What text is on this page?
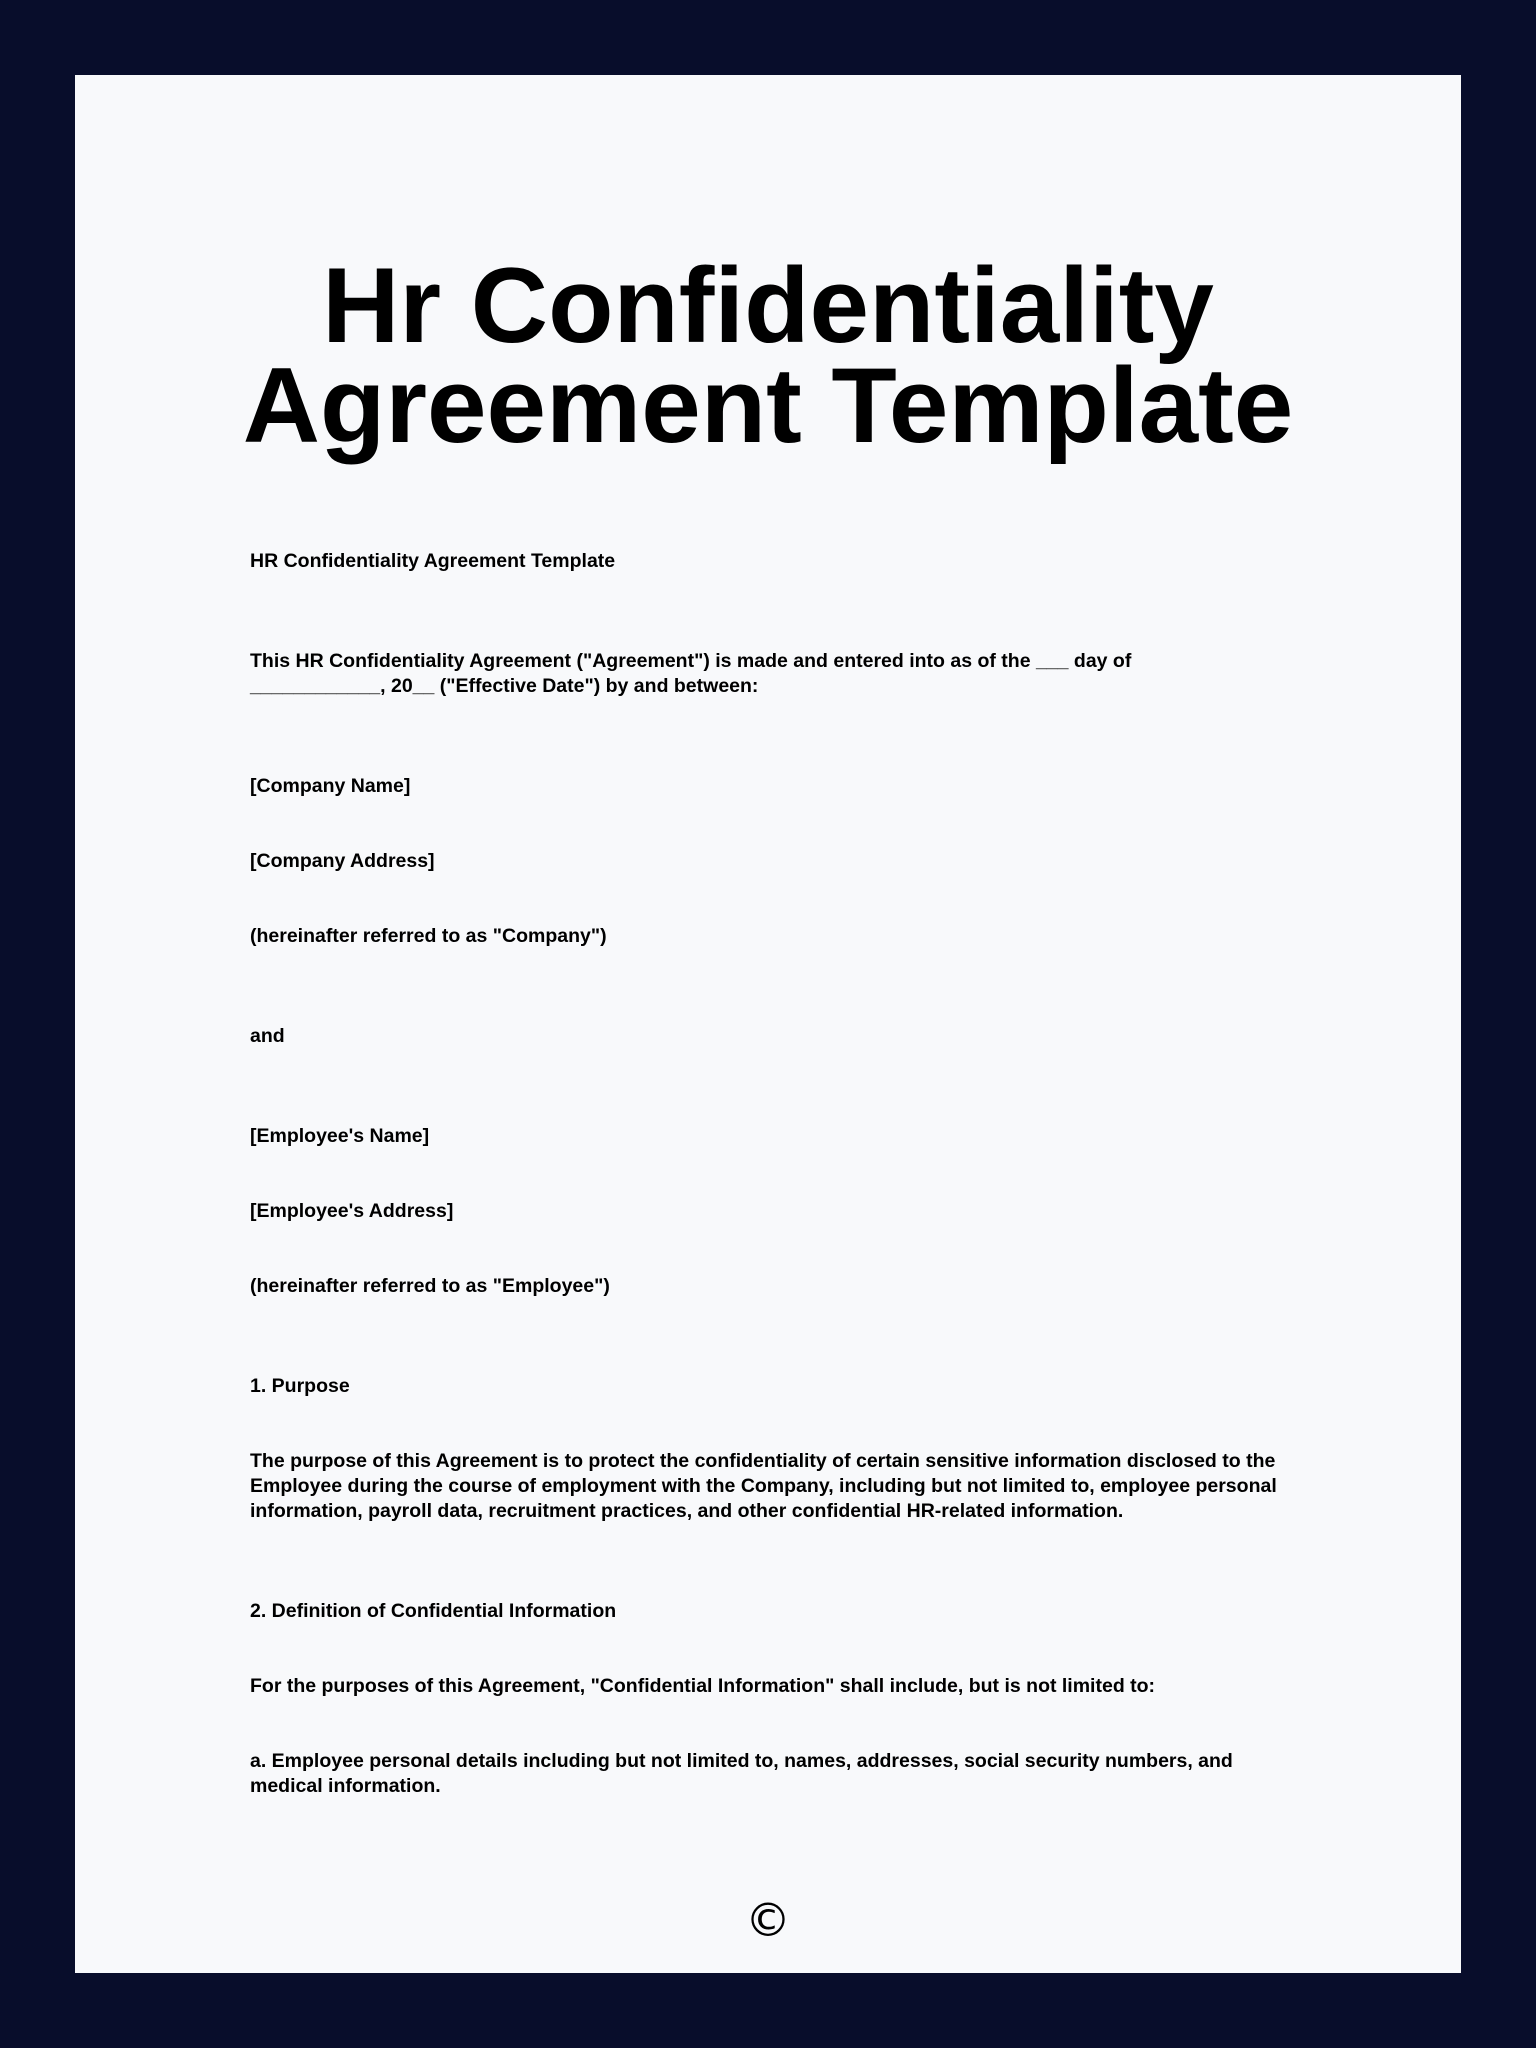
Hr Confidentiality Agreement Template

HR Confidentiality Agreement Template

This HR Confidentiality Agreement ("Agreement") is made and entered into as of the ___ day of ____________, 20__ ("Effective Date") by and between:

[Company Name]

[Company Address]

(hereinafter referred to as "Company")

and

[Employee's Name]

[Employee's Address]

(hereinafter referred to as "Employee")

1. Purpose

The purpose of this Agreement is to protect the confidentiality of certain sensitive information disclosed to the Employee during the course of employment with the Company, including but not limited to, employee personal information, payroll data, recruitment practices, and other confidential HR-related information.

2. Definition of Confidential Information

For the purposes of this Agreement, "Confidential Information" shall include, but is not limited to:

a. Employee personal details including but not limited to, names, addresses, social security numbers, and medical information.

©
